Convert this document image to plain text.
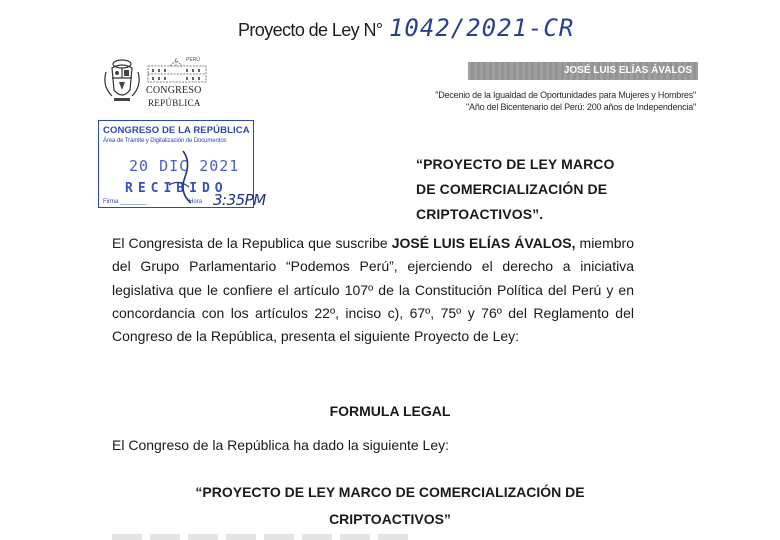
Proyecto de Ley N° 1042/2021-CR
PERÚ
CONGRESO
REPÚBLICA
JOSÉ LUIS ELÍAS ÁVALOS
"Decenio de la Igualdad de Oportunidades para Mujeres y Hombres"
"Año del Bicentenario del Perú: 200 años de Independencia"
CONGRESO DE LA REPÚBLICA
Área de Trámite y Digitalización de Documentos
20 DIC 2021
RECIBIDO
Firma ________	Hora 3:35PM
“PROYECTO DE LEY MARCO
DE COMERCIALIZACIÓN DE
CRIPTOACTIVOS”.
El Congresista de la Republica que suscribe JOSÉ LUIS ELÍAS ÁVALOS, miembro del Grupo Parlamentario “Podemos Perú”, ejerciendo el derecho a iniciativa legislativa que le confiere el artículo 107º de la Constitución Política del Perú y en concordancia con los artículos 22º, inciso c), 67º, 75º y 76º del Reglamento del Congreso de la República, presenta el siguiente Proyecto de Ley:
FORMULA LEGAL
El Congreso de la República ha dado la siguiente Ley:
“PROYECTO DE LEY MARCO DE COMERCIALIZACIÓN DE
CRIPTOACTIVOS”
